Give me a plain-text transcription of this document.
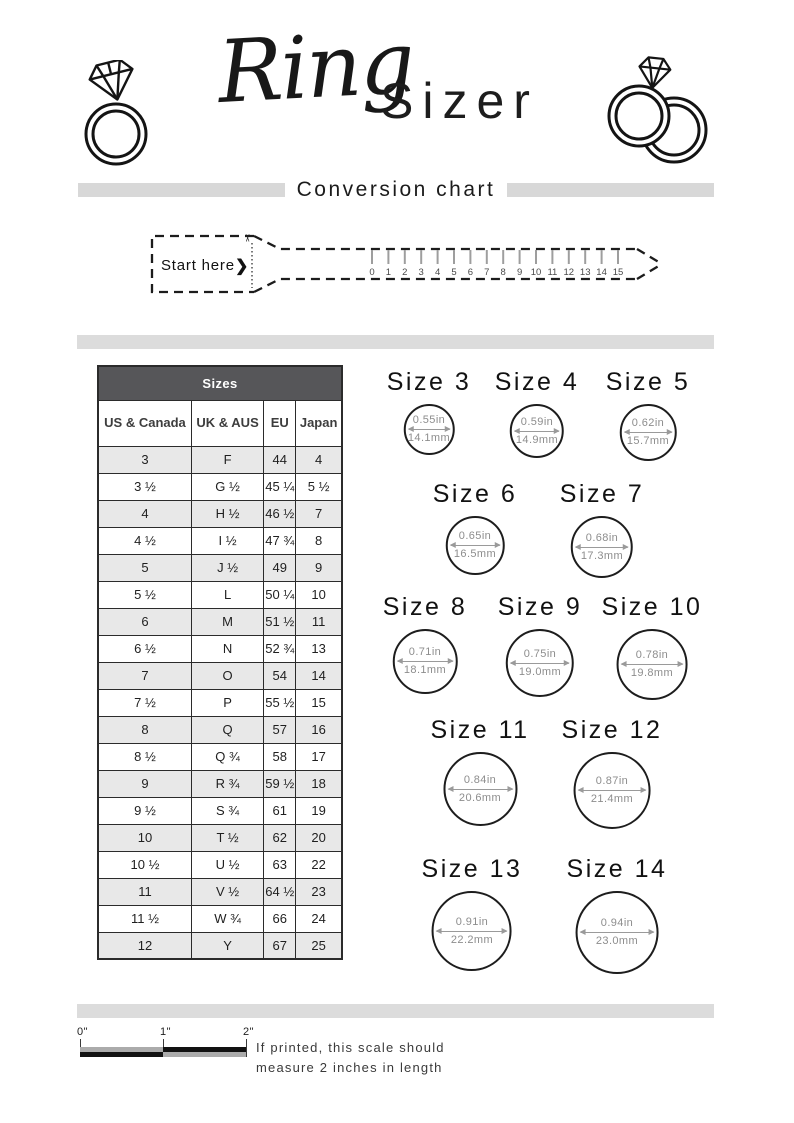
Ring
Sizer
Conversion chart
✂
Start here ❯	0 1 2 3 4 5 6 7 8 9 10 11 12 13 14 15
Sizes			
US & Canada	UK & AUS	EU	Japan
3	F	44	4
3 ½	G ½	45 ¼	5 ½
4	H ½	46 ½	7
4 ½	I ½	47 ¾	8
5	J ½	49	9
5 ½	L	50 ¼	10
6	M	51 ½	11
6 ½	N	52 ¾	13
7	O	54	14
7 ½	P	55 ½	15
8	Q	57	16
8 ½	Q ¾	58	17
9	R ¾	59 ½	18
9 ½	S ¾	61	19
10	T ½	62	20
10 ½	U ½	63	22
11	V ½	64 ½	23
11 ½	W ¾	66	24
12	Y	67	25
Size 3
0.55in
14.1mm
Size 4
0.59in
14.9mm
Size 5
0.62in
15.7mm
Size 6
0.65in
16.5mm
Size 7
0.68in
17.3mm
Size 8
0.71in
18.1mm
Size 9
0.75in
19.0mm
Size 10
0.78in
19.8mm
Size 11
0.84in
20.6mm
Size 12
0.87in
21.4mm
Size 13
0.91in
22.2mm
Size 14
0.94in
23.0mm
0"	1"	2"
If printed, this scale should
measure 2 inches in length
